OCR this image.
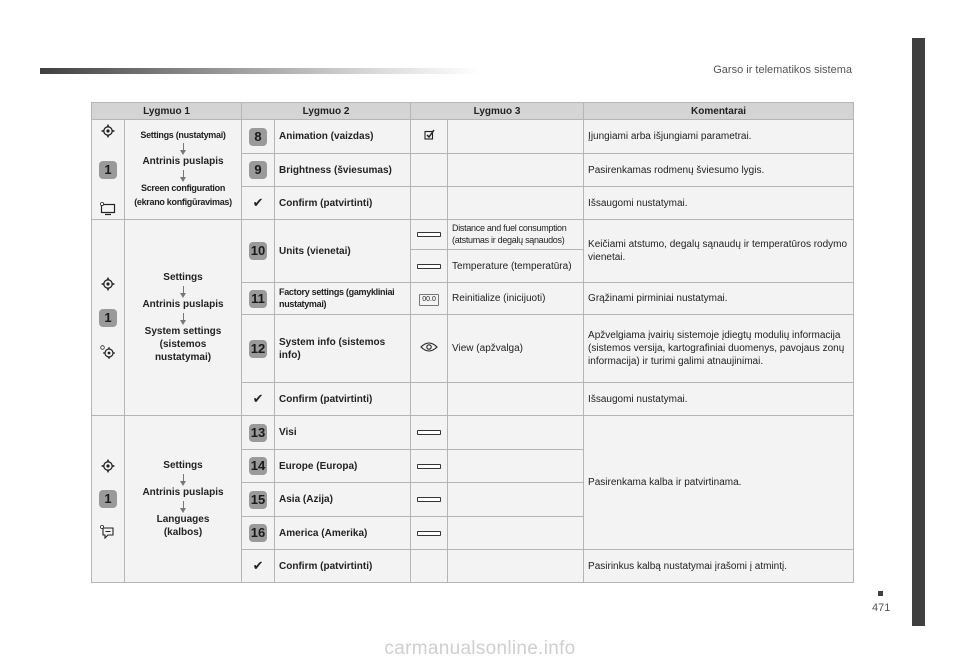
Garso ir telematikos sistema
471
Lygmuo 1		Lygmuo 2		Lygmuo 3		Komentarai

1	Settings (nustatymai)
Antrinis puslapis
Screen configuration (ekrano konfigūravimas)	8	Animation (vaizdas)			Įjungiami arba išjungiami parametrai.
		9	Brightness (šviesumas)			Pasirenkamas rodmenų šviesumo lygis.
		✔	Confirm (patvirtinti)			Išsaugomi nustatymai.

1	Settings
Antrinis puslapis
System settings (sistemos nustatymai)	10	Units (vienetai)		Distance and fuel consumption (atstumas ir degalų sąnaudos)	Keičiami atstumo, degalų sąnaudų ir temperatūros rodymo vienetai.
					Temperature (temperatūra)	
		11	Factory settings (gamykliniai nustatymai)	00.0	Reinitialize (inicijuoti)	Grąžinami pirminiai nustatymai.
		12	System info (sistemos info)		View (apžvalga)	Apžvelgiama įvairių sistemoje įdiegtų modulių informacija (sistemos versija, kartografiniai duomenys, pavojaus zonų informacija) ir turimi galimi atnaujinimai.
		✔	Confirm (patvirtinti)			Išsaugomi nustatymai.

1	Settings
Antrinis puslapis
Languages (kalbos)	13	Visi			Pasirenkama kalba ir patvirtinama.
		14	Europe (Europa)			
		15	Asia (Azija)			
		16	America (Amerika)			
		✔	Confirm (patvirtinti)			Pasirinkus kalbą nustatymai įrašomi į atmintį.
carmanualsonline.info
